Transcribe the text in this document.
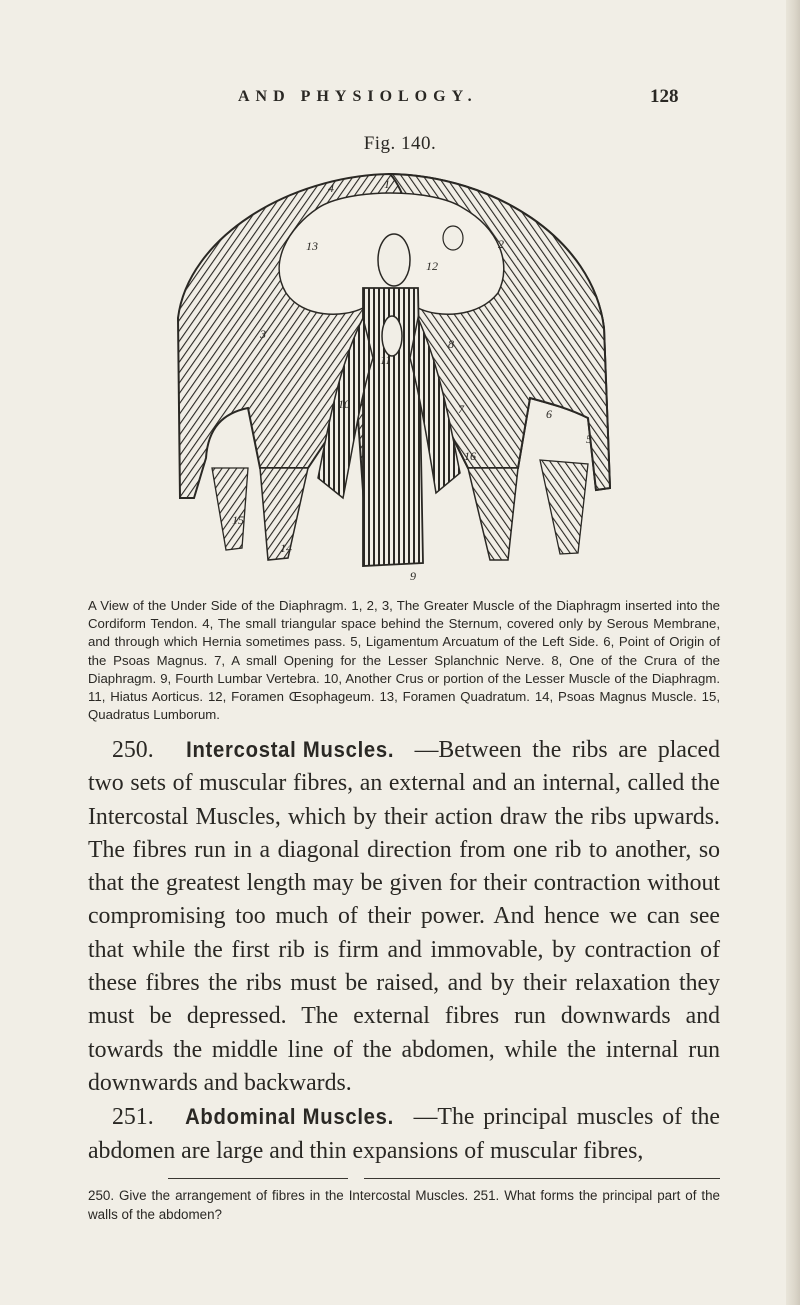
AND PHYSIOLOGY.	128
Fig. 140.
1
2
3
4
5
6
7
8
9
10
11
12
13
14
15
16
A View of the Under Side of the Diaphragm. 1, 2, 3, The Greater Muscle of the Diaphragm inserted into the Cordiform Tendon. 4, The small triangular space behind the Sternum, covered only by Serous Membrane, and through which Hernia sometimes pass. 5, Ligamentum Arcuatum of the Left Side. 6, Point of Origin of the Psoas Magnus. 7, A small Opening for the Lesser Splanchnic Nerve. 8, One of the Crura of the Diaphragm. 9, Fourth Lumbar Vertebra. 10, Another Crus or portion of the Lesser Muscle of the Diaphragm. 11, Hiatus Aorticus. 12, Foramen Œsophageum. 13, Foramen Quadratum. 14, Psoas Magnus Muscle. 15, Quadratus Lumborum.

250. Intercostal Muscles. —Between the ribs are placed two sets of muscular fibres, an external and an internal, called the Intercostal Muscles, which by their action draw the ribs upwards. The fibres run in a diagonal direction from one rib to another, so that the greatest length may be given for their contraction without compromising too much of their power. And hence we can see that while the first rib is firm and immovable, by contraction of these fibres the ribs must be raised, and by their relaxation they must be depressed. The external fibres run downwards and towards the middle line of the abdomen, while the internal run downwards and backwards.

251. Abdominal Muscles. —The principal muscles of the abdomen are large and thin expansions of muscular fibres,

250. Give the arrangement of fibres in the Intercostal Muscles. 251. What forms the principal part of the walls of the abdomen?
